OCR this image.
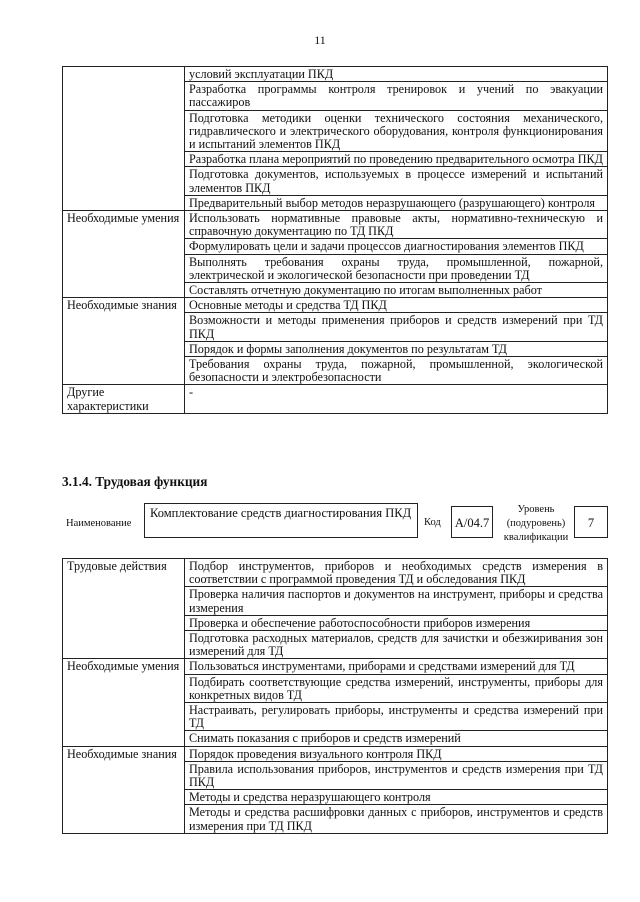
11
	условий эксплуатации ПКД
	Разработка программы контроля тренировок и учений по эвакуации пассажиров
	Подготовка методики оценки технического состояния механического, гидравлического и электрического оборудования, контроля функционирования и испытаний элементов ПКД
	Разработка плана мероприятий по проведению предварительного осмотра ПКД
	Подготовка документов, используемых в процессе измерений и испытаний элементов ПКД
	Предварительный выбор методов неразрушающего (разрушающего) контроля
Необходимые умения	Использовать нормативные правовые акты, нормативно-техническую и справочную документацию по ТД ПКД
	Формулировать цели и задачи процессов диагностирования элементов ПКД
	Выполнять требования охраны труда, промышленной, пожарной, электрической и экологической безопасности при проведении ТД
	Составлять отчетную документацию по итогам выполненных работ
Необходимые знания	Основные методы и средства ТД ПКД
	Возможности и методы применения приборов и средств измерений при ТД ПКД
	Порядок и формы заполнения документов по результатам ТД
	Требования охраны труда, пожарной, промышленной, экологической безопасности и электробезопасности
Другие характеристики	-
3.1.4. Трудовая функция
Наименование
Комплектование средств диагностирования ПКД
Код	A/04.7
Уровень (подуровень) квалификации
7
Трудовые действия	Подбор инструментов, приборов и необходимых средств измерения в соответствии с программой проведения ТД и обследования ПКД
	Проверка наличия паспортов и документов на инструмент, приборы и средства измерения
	Проверка и обеспечение работоспособности приборов измерения
	Подготовка расходных материалов, средств для зачистки и обезжиривания зон измерений для ТД
Необходимые умения	Пользоваться инструментами, приборами и средствами измерений для ТД
	Подбирать соответствующие средства измерений, инструменты, приборы для конкретных видов ТД
	Настраивать, регулировать приборы, инструменты и средства измерений при ТД
	Снимать показания с приборов и средств измерений
Необходимые знания	Порядок проведения визуального контроля ПКД
	Правила использования приборов, инструментов и средств измерения при ТД ПКД
	Методы и средства неразрушающего контроля
	Методы и средства расшифровки данных с приборов, инструментов и средств измерения при ТД ПКД
